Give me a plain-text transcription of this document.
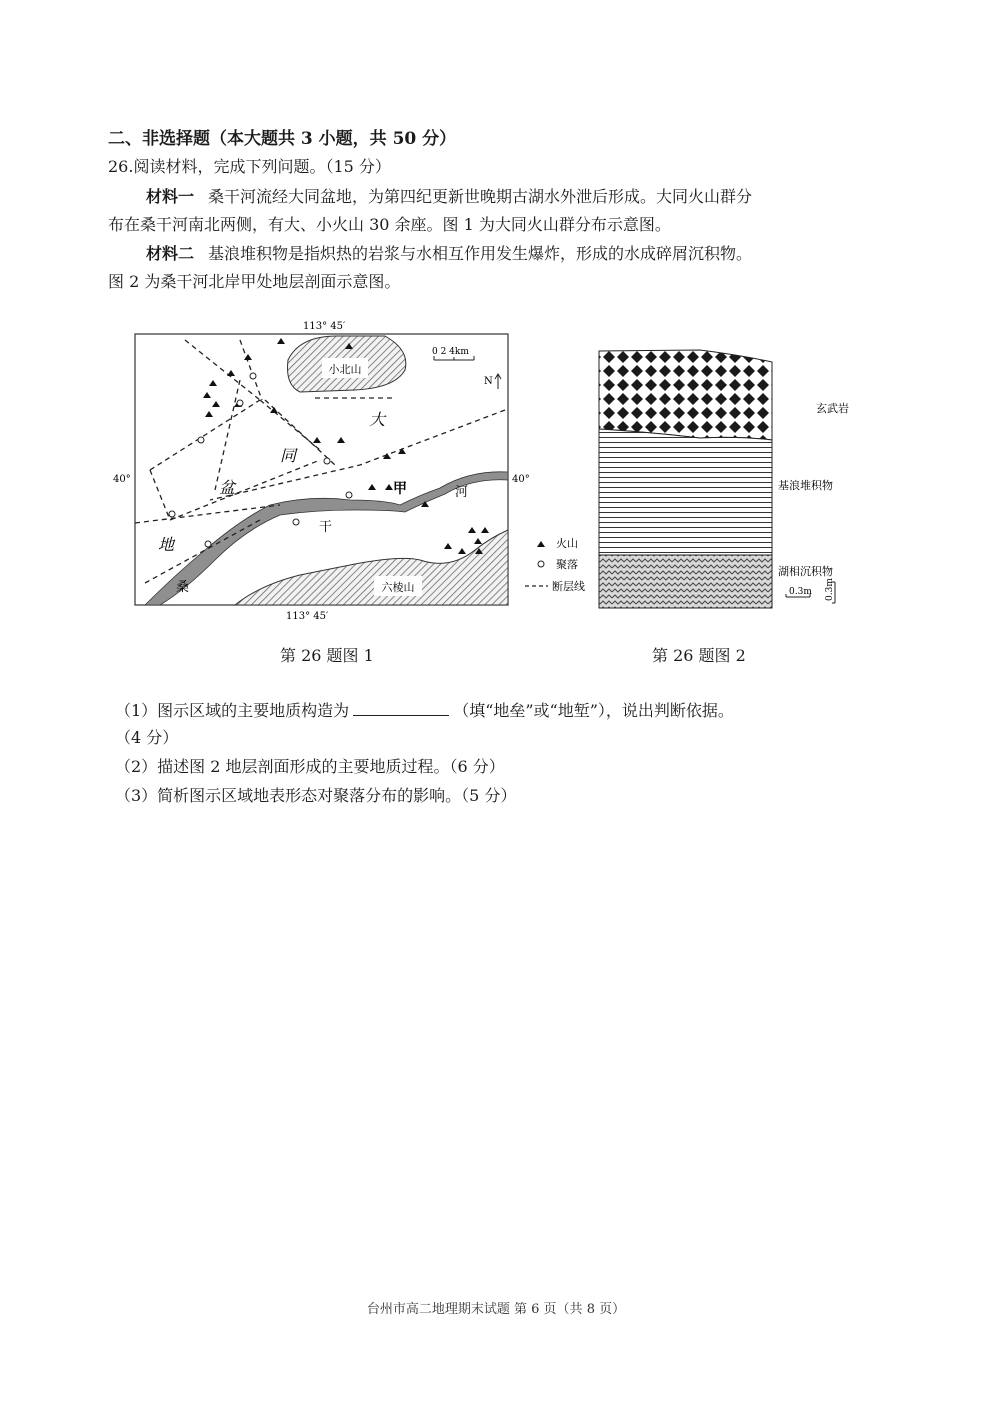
二、非选择题（本大题共 3 小题，共 50 分）
26.阅读材料，完成下列问题。（15 分）
材料一 桑干河流经大同盆地，为第四纪更新世晚期古湖水外泄后形成。大同火山群分
布在桑干河南北两侧，有大、小火山 30 余座。图 1 为大同火山群分布示意图。
材料二 基浪堆积物是指炽热的岩浆与水相互作用发生爆炸，形成的水成碎屑沉积物。
图 2 为桑干河北岸甲处地层剖面示意图。
小北山
六棱山
大
同
盆
地
桑
干
河
甲
0 2 4km
N
113° 45′
113° 45′
40°	40°
火山
聚落
断层线
玄武岩
基浪堆积物
湖相沉积物
0.3m 0.3m
第 26 题图 1	第 26 题图 2
（1）图示区域的主要地质构造为	（填“地垒”或“地堑”），说出判断依据。
（4 分）
（2）描述图 2 地层剖面形成的主要地质过程。（6 分）
（3）简析图示区域地表形态对聚落分布的影响。（5 分）
台州市高二地理期末试题 第 6 页（共 8 页）
